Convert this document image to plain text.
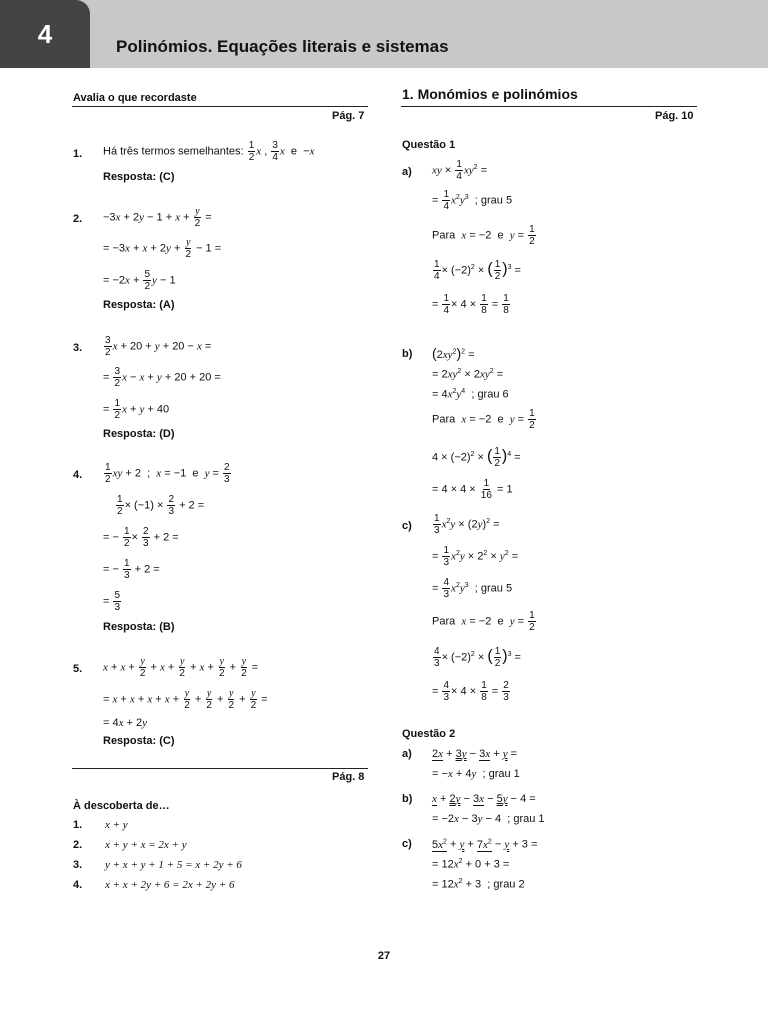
4	Polinómios. Equações literais e sistemas
Avalia o que recordaste
Pág. 7
1. Há três termos semelhantes: $\frac{1}{2}$ x , $\frac{3}{4}$ x  e  −x
Resposta: (C)
2. $-3x + 2y - 1 + x + \frac{y}{2}$ =
= $-3x + x + 2y + \frac{y}{2} - 1$ =
= $-2x + \frac{5}{2}$ y − 1
Resposta: (A)
3. $\frac{3}{2}$ x + 20 + y + 20 − x =
= $\frac{3}{2}$ x − x + y + 20 + 20 =
= $\frac{1}{2}$ x + y + 40
Resposta: (D)
4. $\frac{1}{2}$ xy + 2  ;  x = −1  e  $y = \frac{2}{3}$
$\frac{1}{2} \times (-1) \times \frac{2}{3} + 2$ =
= − $\frac{1}{2} \times \frac{2}{3} + 2$ =
= − $\frac{1}{3} + 2$ =
= $\frac{5}{3}$
Resposta: (B)
5. $x + x + \frac{y}{2} + x + \frac{y}{2} + x + \frac{y}{2} + \frac{y}{2}$ =
= $x + x + x + x + \frac{y}{2} + \frac{y}{2} + \frac{y}{2} + \frac{y}{2}$ =
= 4x + 2y
Resposta: (C)
Pág. 8
À descoberta de…
1. x + y
2. x + y + x = 2x + y
3. y + x + y + 1 + 5 = x + 2y + 6
4. x + x + 2y + 6 = 2x + 2y + 6
1. Monómios e polinómios
Pág. 10
Questão 1
a) xy × $\frac{1}{4} xy^2$ =
= $\frac{1}{4} x^2y^3$ ; grau 5
Para x = −2  e  $y = \frac{1}{2}$
$\frac{1}{4} \times (-2)^2$ × ( $\frac{1}{2} )^3$ =
= $\frac{1}{4} \times 4 \times \frac{1}{8} = \frac{1}{8}$
b) $(2xy^2)^2$ =
= $2xy^2 \times 2xy^2$ =
= $4x^2y^4$ ; grau 6
Para x = −2  e  $y = \frac{1}{2}$
$4 \times (-2)^2$ × ( $\frac{1}{2} )^4$ =
= $4 \times 4 \times \frac{1}{16} = 1$
$c) \frac{1}{3} x^2y \times (2y)^2$ =
= $\frac{1}{3} x^2y \times 2^2 \times y^2$ =
= $\frac{4}{3} x^2y^3$ ; grau 5
Para x = −2  e  $y = \frac{1}{2}$
$\frac{4}{3} \times (-2)^2$ × ( $\frac{1}{2} )^3$ =
= $\frac{4}{3} \times 4 \times \frac{1}{8} = \frac{2}{3}$
Questão 2
a) 2x + 3y − 3x + y =
= −x + 4y ; grau 1
b) x + 2y − 3x − 5y − 4 =
= −2x − 3y − 4  ; grau 1
c) $5x^2 + y + 7x^2 - y + 3$ =
= $12x^2 + 0 + 3$ =
= $12x^2 + 3$  ; grau 2
27
